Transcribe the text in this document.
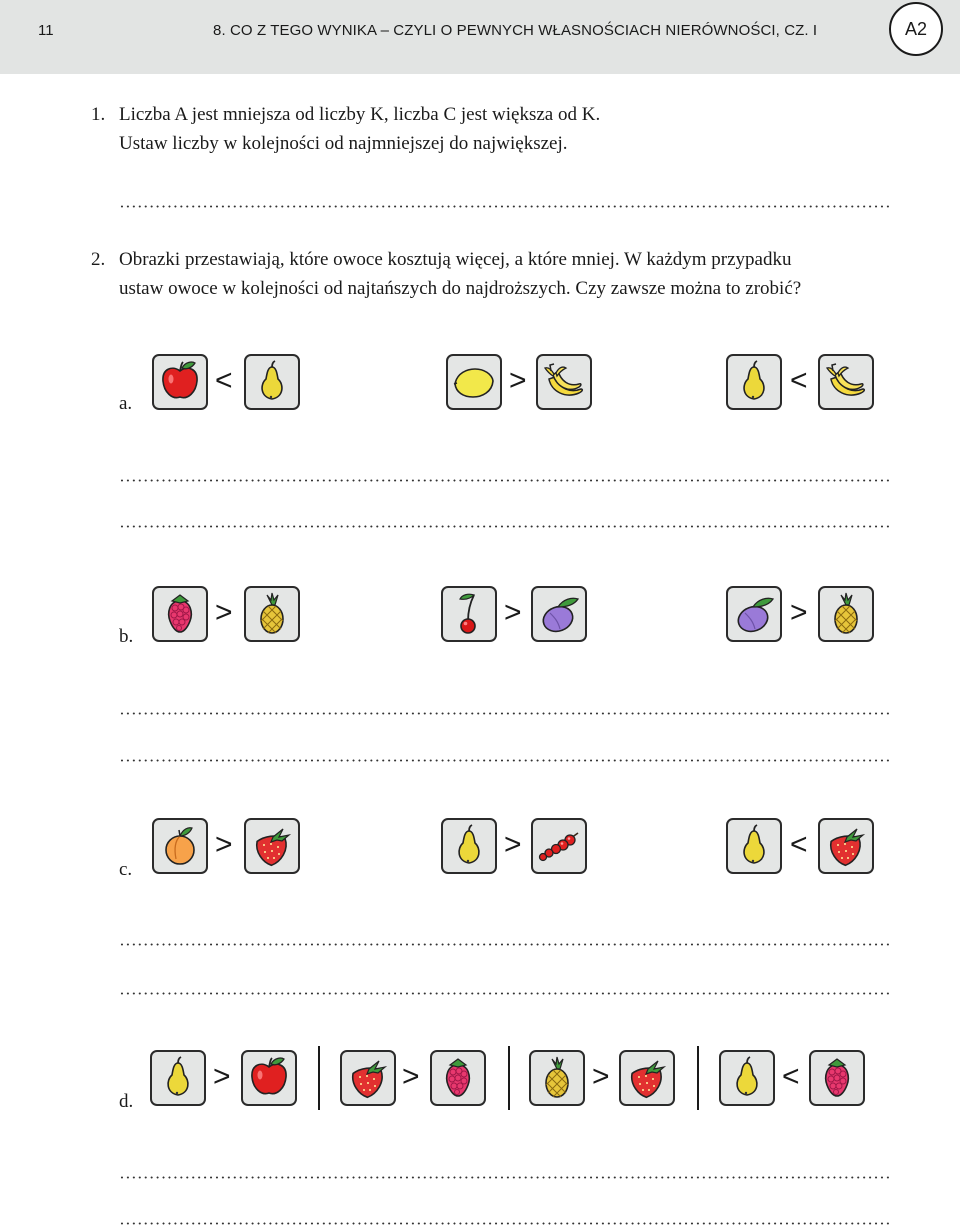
11	8. CO Z TEGO WYNIKA – CZYLI O PEWNYCH WŁASNOŚCIACH NIERÓWNOŚCI, CZ. I	A2
1. Liczba A jest mniejsza od liczby K, liczba C jest większa od K.
Ustaw liczby w kolejności od najmniejszej do największej.
2. Obrazki przestawiają, które owoce kosztują więcej, a które mniej. W każdym przypadku
ustaw owoce w kolejności od najtańszych do najdroższych. Czy zawsze można to zrobić?
a.
<	>	<
b.
>	>	>
c.
>	>	<
d.
>	>	>	<
